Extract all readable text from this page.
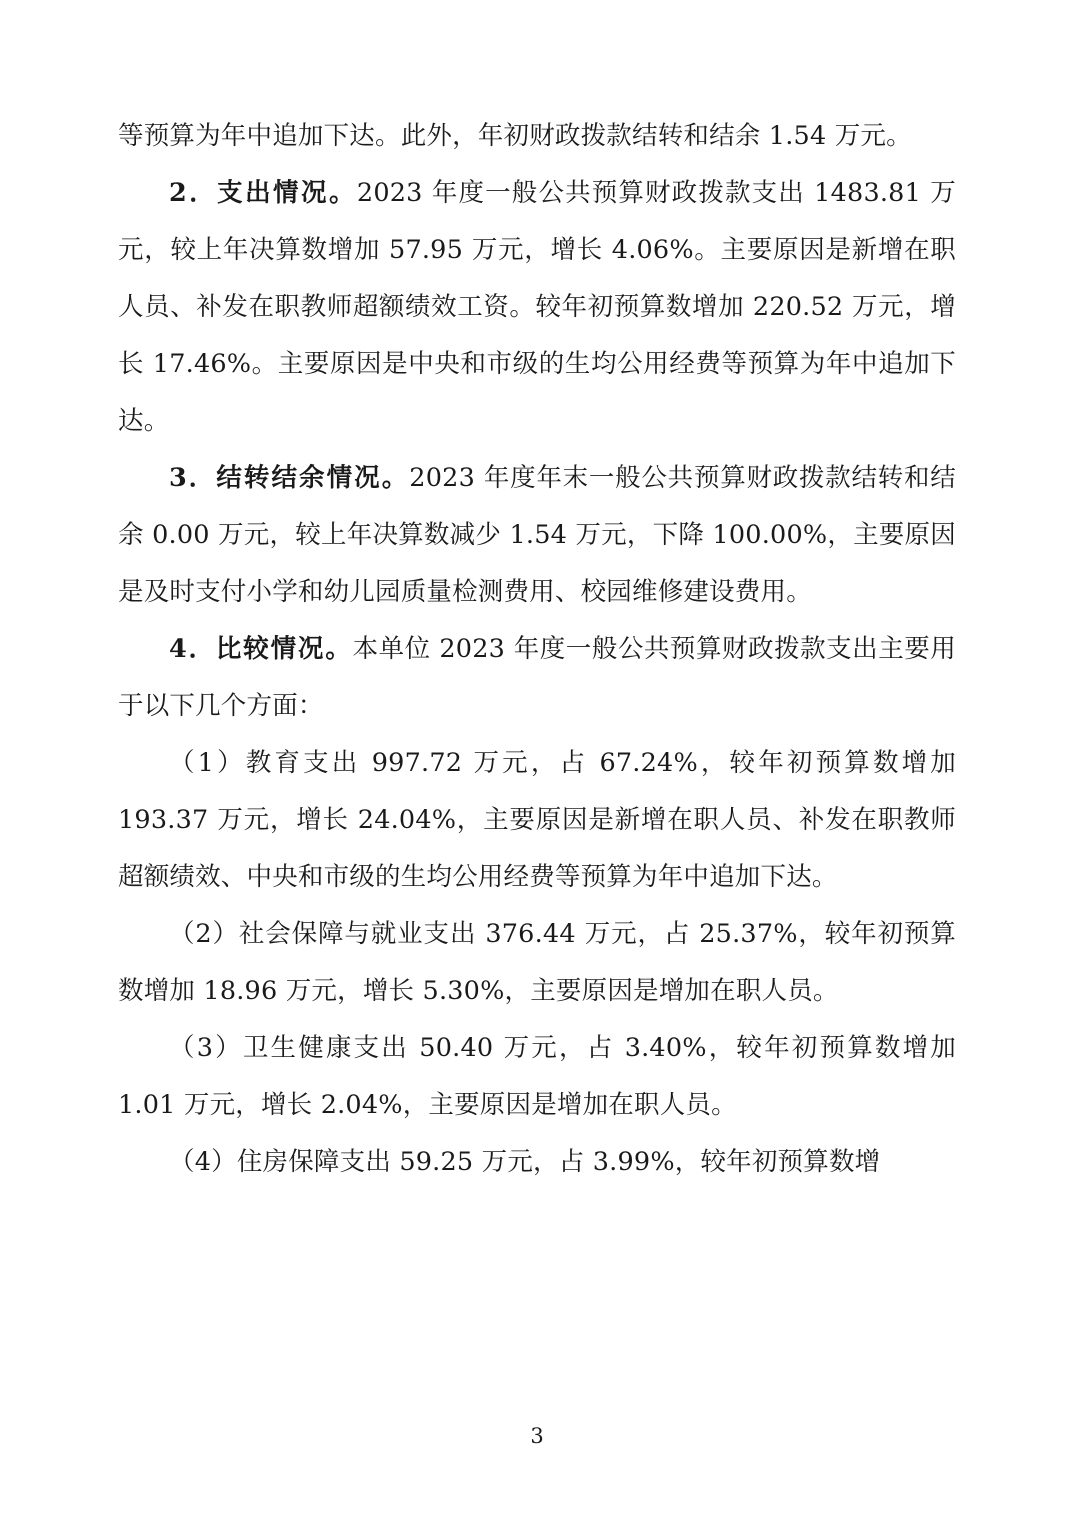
等预算为年中追加下达。此外，年初财政拨款结转和结余 1.54 万元。

2．支出情况。2023 年度一般公共预算财政拨款支出 1483.81 万元，较上年决算数增加 57.95 万元，增长 4.06%。主要原因是新增在职人员、补发在职教师超额绩效工资。较年初预算数增加 220.52 万元，增长 17.46%。主要原因是中央和市级的生均公用经费等预算为年中追加下达。

3．结转结余情况。2023 年度年末一般公共预算财政拨款结转和结余 0.00 万元，较上年决算数减少 1.54 万元，下降 100.00%，主要原因是及时支付小学和幼儿园质量检测费用、校园维修建设费用。

4．比较情况。本单位 2023 年度一般公共预算财政拨款支出主要用于以下几个方面：

（1）教育支出 997.72 万元，占 67.24%，较年初预算数增加 193.37 万元，增长 24.04%，主要原因是新增在职人员、补发在职教师超额绩效、中央和市级的生均公用经费等预算为年中追加下达。

（2）社会保障与就业支出 376.44 万元，占 25.37%，较年初预算数增加 18.96 万元，增长 5.30%，主要原因是增加在职人员。

（3）卫生健康支出 50.40 万元，占 3.40%，较年初预算数增加 1.01 万元，增长 2.04%，主要原因是增加在职人员。

（4）住房保障支出 59.25 万元，占 3.99%，较年初预算数增

3
